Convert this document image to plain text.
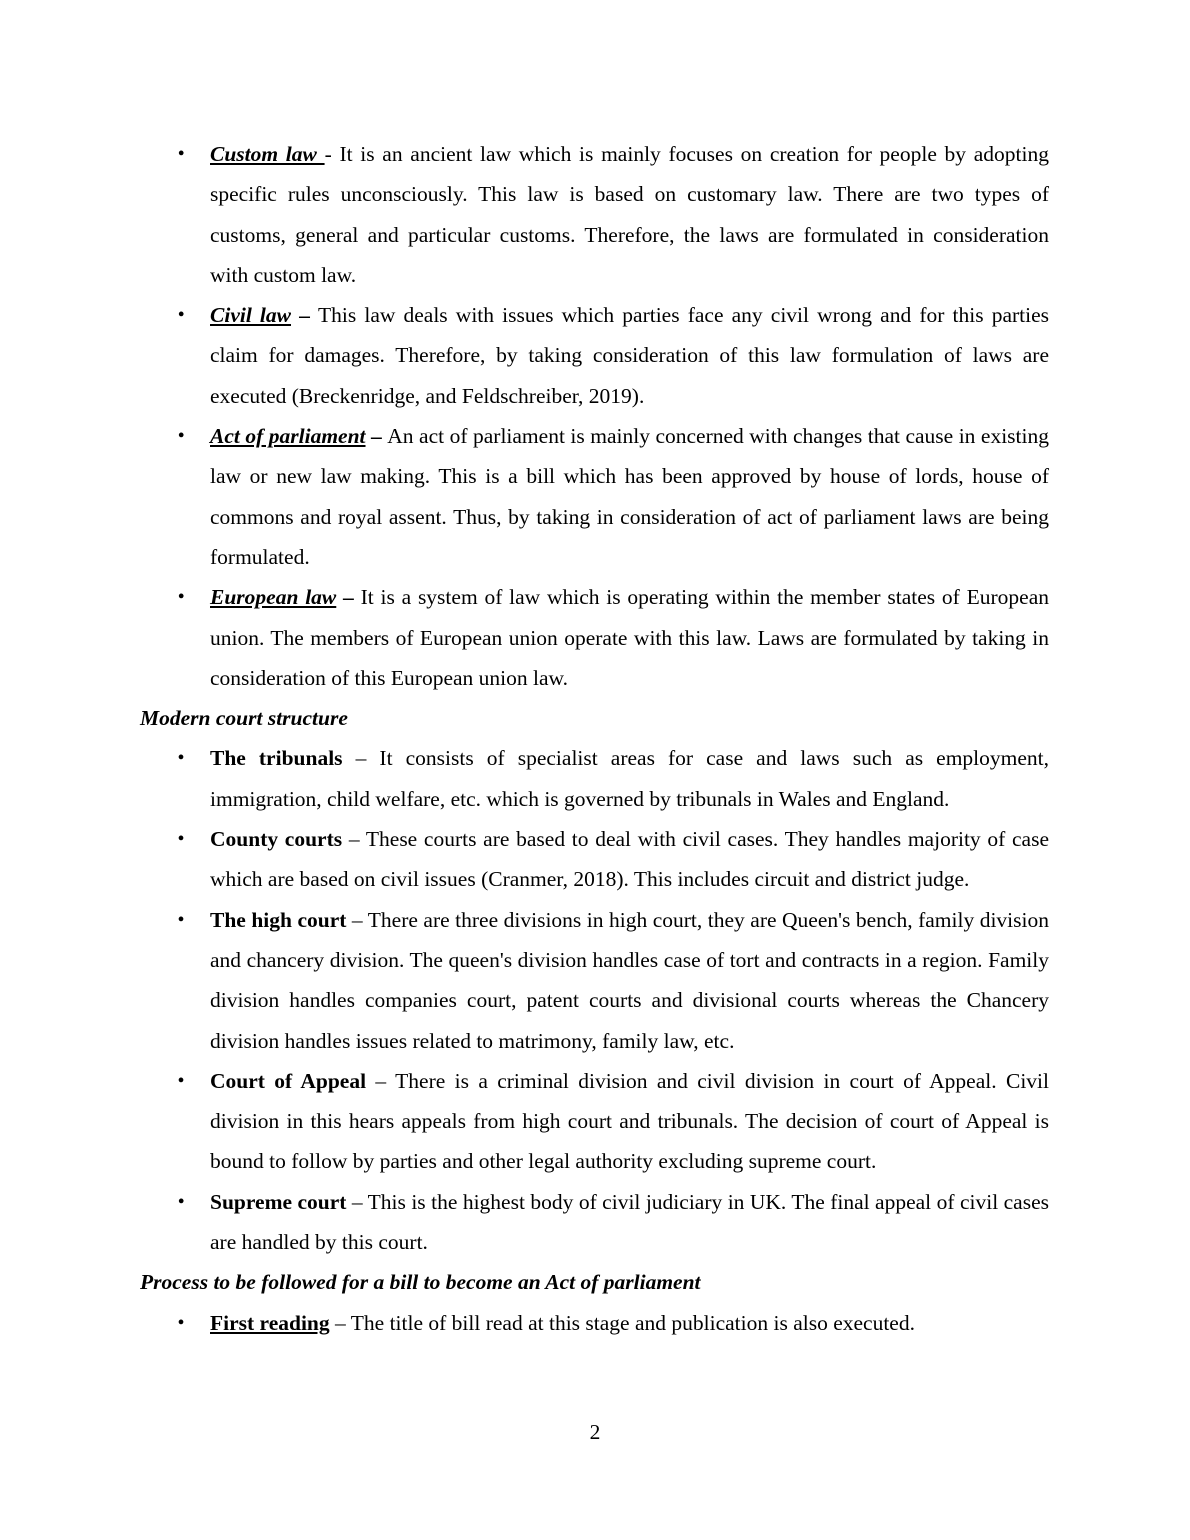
• Custom law - It is an ancient law which is mainly focuses on creation for people by adopting specific rules unconsciously. This law is based on customary law. There are two types of customs, general and particular customs. Therefore, the laws are formulated in consideration with custom law.
• Civil law – This law deals with issues which parties face any civil wrong and for this parties claim for damages. Therefore, by taking consideration of this law formulation of laws are executed (Breckenridge, and Feldschreiber, 2019).
• Act of parliament – An act of parliament is mainly concerned with changes that cause in existing law or new law making. This is a bill which has been approved by house of lords, house of commons and royal assent. Thus, by taking in consideration of act of parliament laws are being formulated.
• European law – It is a system of law which is operating within the member states of European union. The members of European union operate with this law. Laws are formulated by taking in consideration of this European union law.

Modern court structure

• The tribunals – It consists of specialist areas for case and laws such as employment, immigration, child welfare, etc. which is governed by tribunals in Wales and England.
• County courts – These courts are based to deal with civil cases. They handles majority of case which are based on civil issues (Cranmer, 2018). This includes circuit and district judge.
• The high court – There are three divisions in high court, they are Queen's bench, family division and chancery division. The queen's division handles case of tort and contracts in a region. Family division handles companies court, patent courts and divisional courts whereas the Chancery division handles issues related to matrimony, family law, etc.
• Court of Appeal – There is a criminal division and civil division in court of Appeal. Civil division in this hears appeals from high court and tribunals. The decision of court of Appeal is bound to follow by parties and other legal authority excluding supreme court.
• Supreme court – This is the highest body of civil judiciary in UK. The final appeal of civil cases are handled by this court.

Process to be followed for a bill to become an Act of parliament

• First reading – The title of bill read at this stage and publication is also executed.
2
